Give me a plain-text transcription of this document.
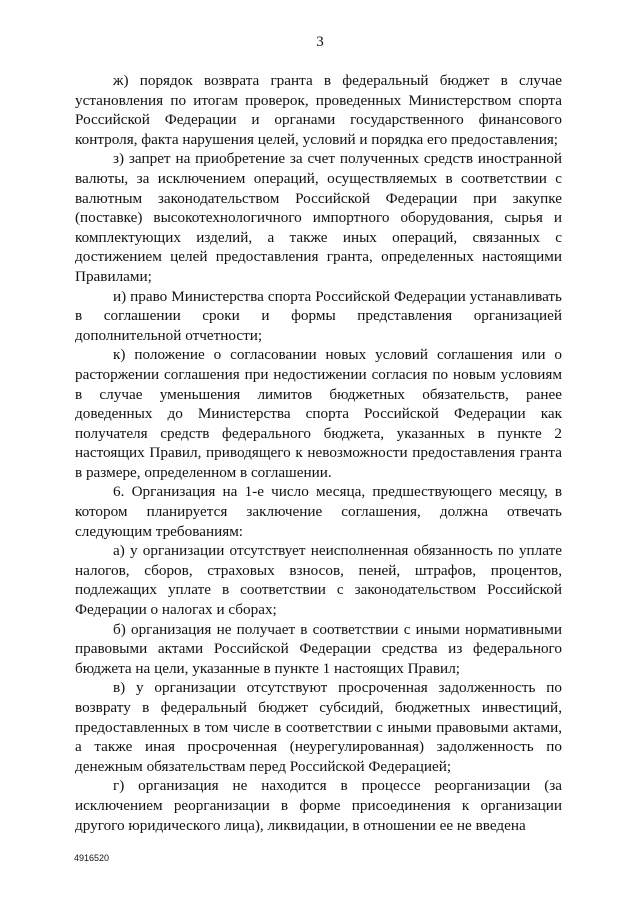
3

ж) порядок возврата гранта в федеральный бюджет в случае установления по итогам проверок, проведенных Министерством спорта Российской Федерации и органами государственного финансового контроля, факта нарушения целей, условий и порядка его предоставления;

з) запрет на приобретение за счет полученных средств иностранной валюты, за исключением операций, осуществляемых в соответствии с валютным законодательством Российской Федерации при закупке (поставке) высокотехнологичного импортного оборудования, сырья и комплектующих изделий, а также иных операций, связанных с достижением целей предоставления гранта, определенных настоящими Правилами;

и) право Министерства спорта Российской Федерации устанавливать в соглашении сроки и формы представления организацией дополнительной отчетности;

к) положение о согласовании новых условий соглашения или о расторжении соглашения при недостижении согласия по новым условиям в случае уменьшения лимитов бюджетных обязательств, ранее доведенных до Министерства спорта Российской Федерации как получателя средств федерального бюджета, указанных в пункте 2 настоящих Правил, приводящего к невозможности предоставления гранта в размере, определенном в соглашении.

6. Организация на 1-е число месяца, предшествующего месяцу, в котором планируется заключение соглашения, должна отвечать следующим требованиям:

а) у организации отсутствует неисполненная обязанность по уплате налогов, сборов, страховых взносов, пеней, штрафов, процентов, подлежащих уплате в соответствии с законодательством Российской Федерации о налогах и сборах;

б) организация не получает в соответствии с иными нормативными правовыми актами Российской Федерации средства из федерального бюджета на цели, указанные в пункте 1 настоящих Правил;

в) у организации отсутствуют просроченная задолженность по возврату в федеральный бюджет субсидий, бюджетных инвестиций, предоставленных в том числе в соответствии с иными правовыми актами, а также иная просроченная (неурегулированная) задолженность по денежным обязательствам перед Российской Федерацией;

г) организация не находится в процессе реорганизации (за исключением реорганизации в форме присоединения к организации другого юридического лица), ликвидации, в отношении ее не введена

4916520
